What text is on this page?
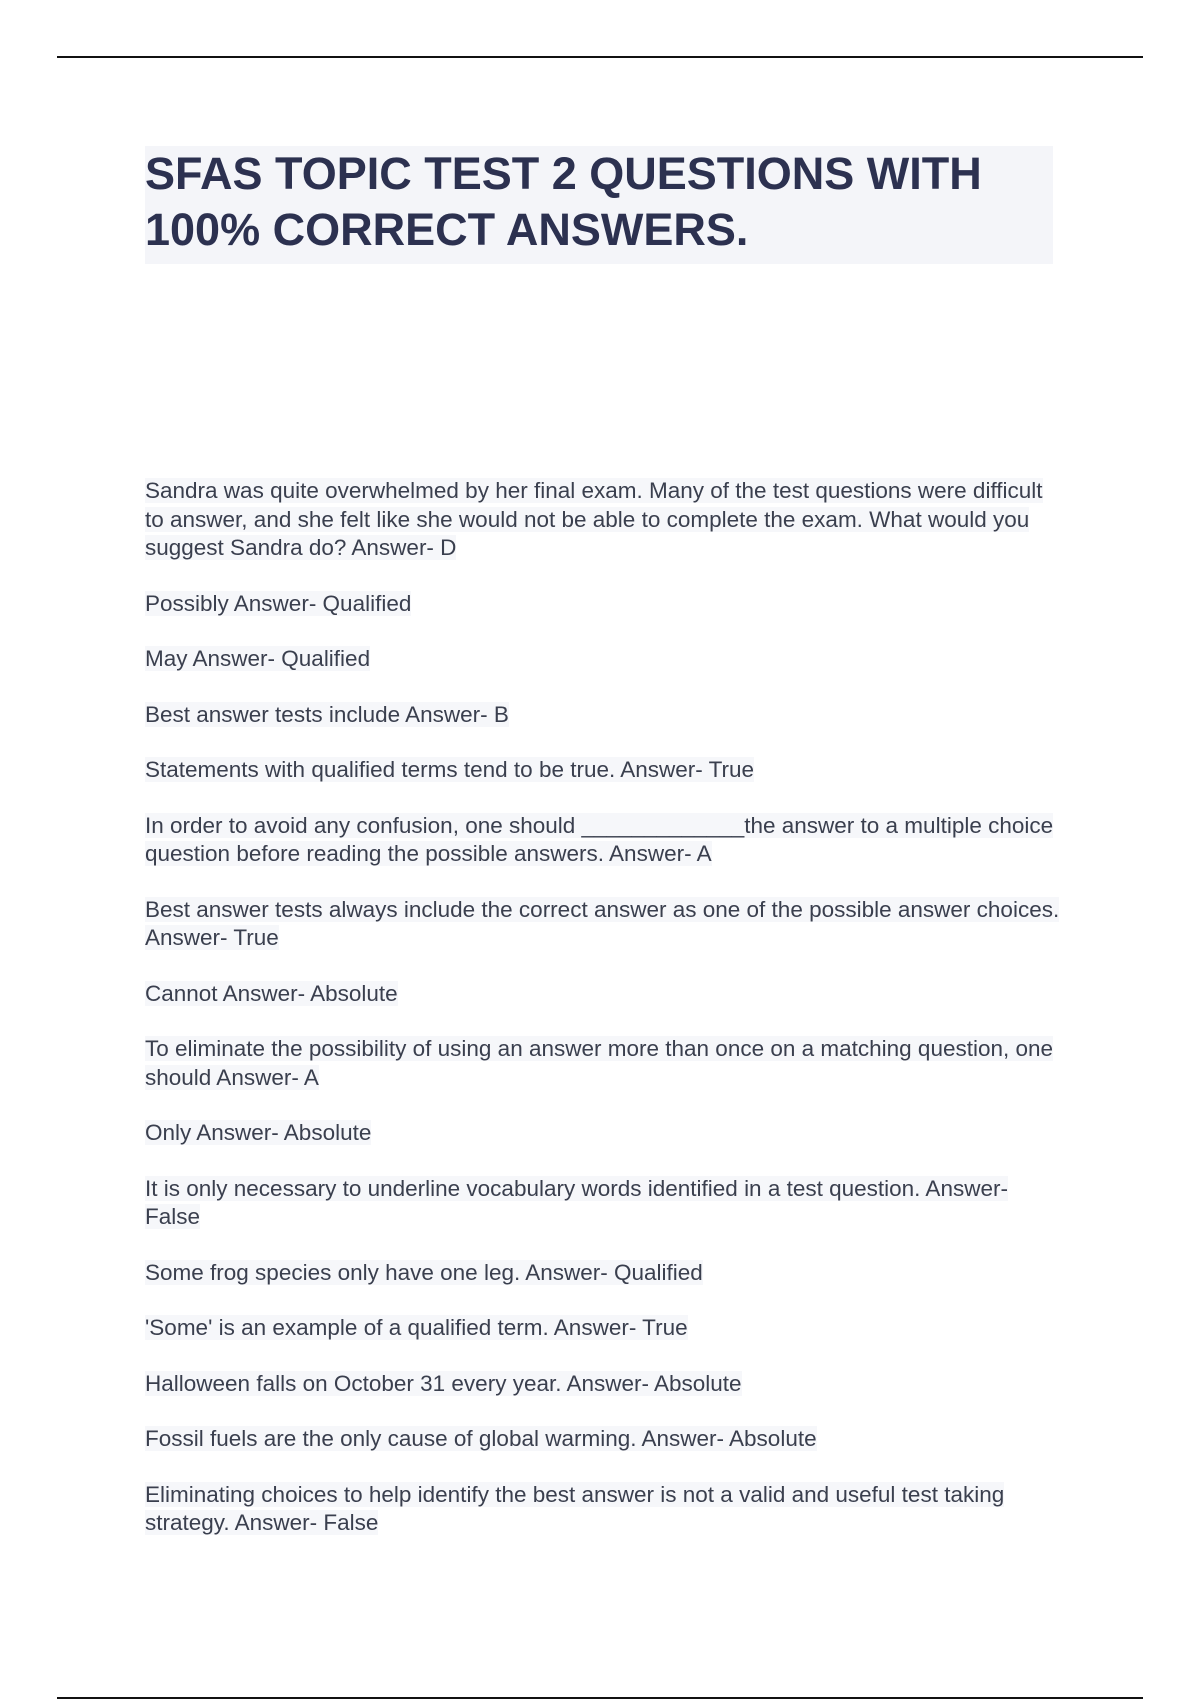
SFAS TOPIC TEST 2 QUESTIONS WITH 100% CORRECT ANSWERS.
Sandra was quite overwhelmed by her final exam. Many of the test questions were difficult to answer, and she felt like she would not be able to complete the exam. What would you suggest Sandra do? Answer- D
Possibly Answer- Qualified
May Answer- Qualified
Best answer tests include Answer- B
Statements with qualified terms tend to be true. Answer- True
In order to avoid any confusion, one should _____________the answer to a multiple choice question before reading the possible answers. Answer- A
Best answer tests always include the correct answer as one of the possible answer choices. Answer- True
Cannot Answer- Absolute
To eliminate the possibility of using an answer more than once on a matching question, one should Answer- A
Only Answer- Absolute
It is only necessary to underline vocabulary words identified in a test question. Answer- False
Some frog species only have one leg. Answer- Qualified
'Some' is an example of a qualified term. Answer- True
Halloween falls on October 31 every year. Answer- Absolute
Fossil fuels are the only cause of global warming. Answer- Absolute
Eliminating choices to help identify the best answer is not a valid and useful test taking strategy. Answer- False
